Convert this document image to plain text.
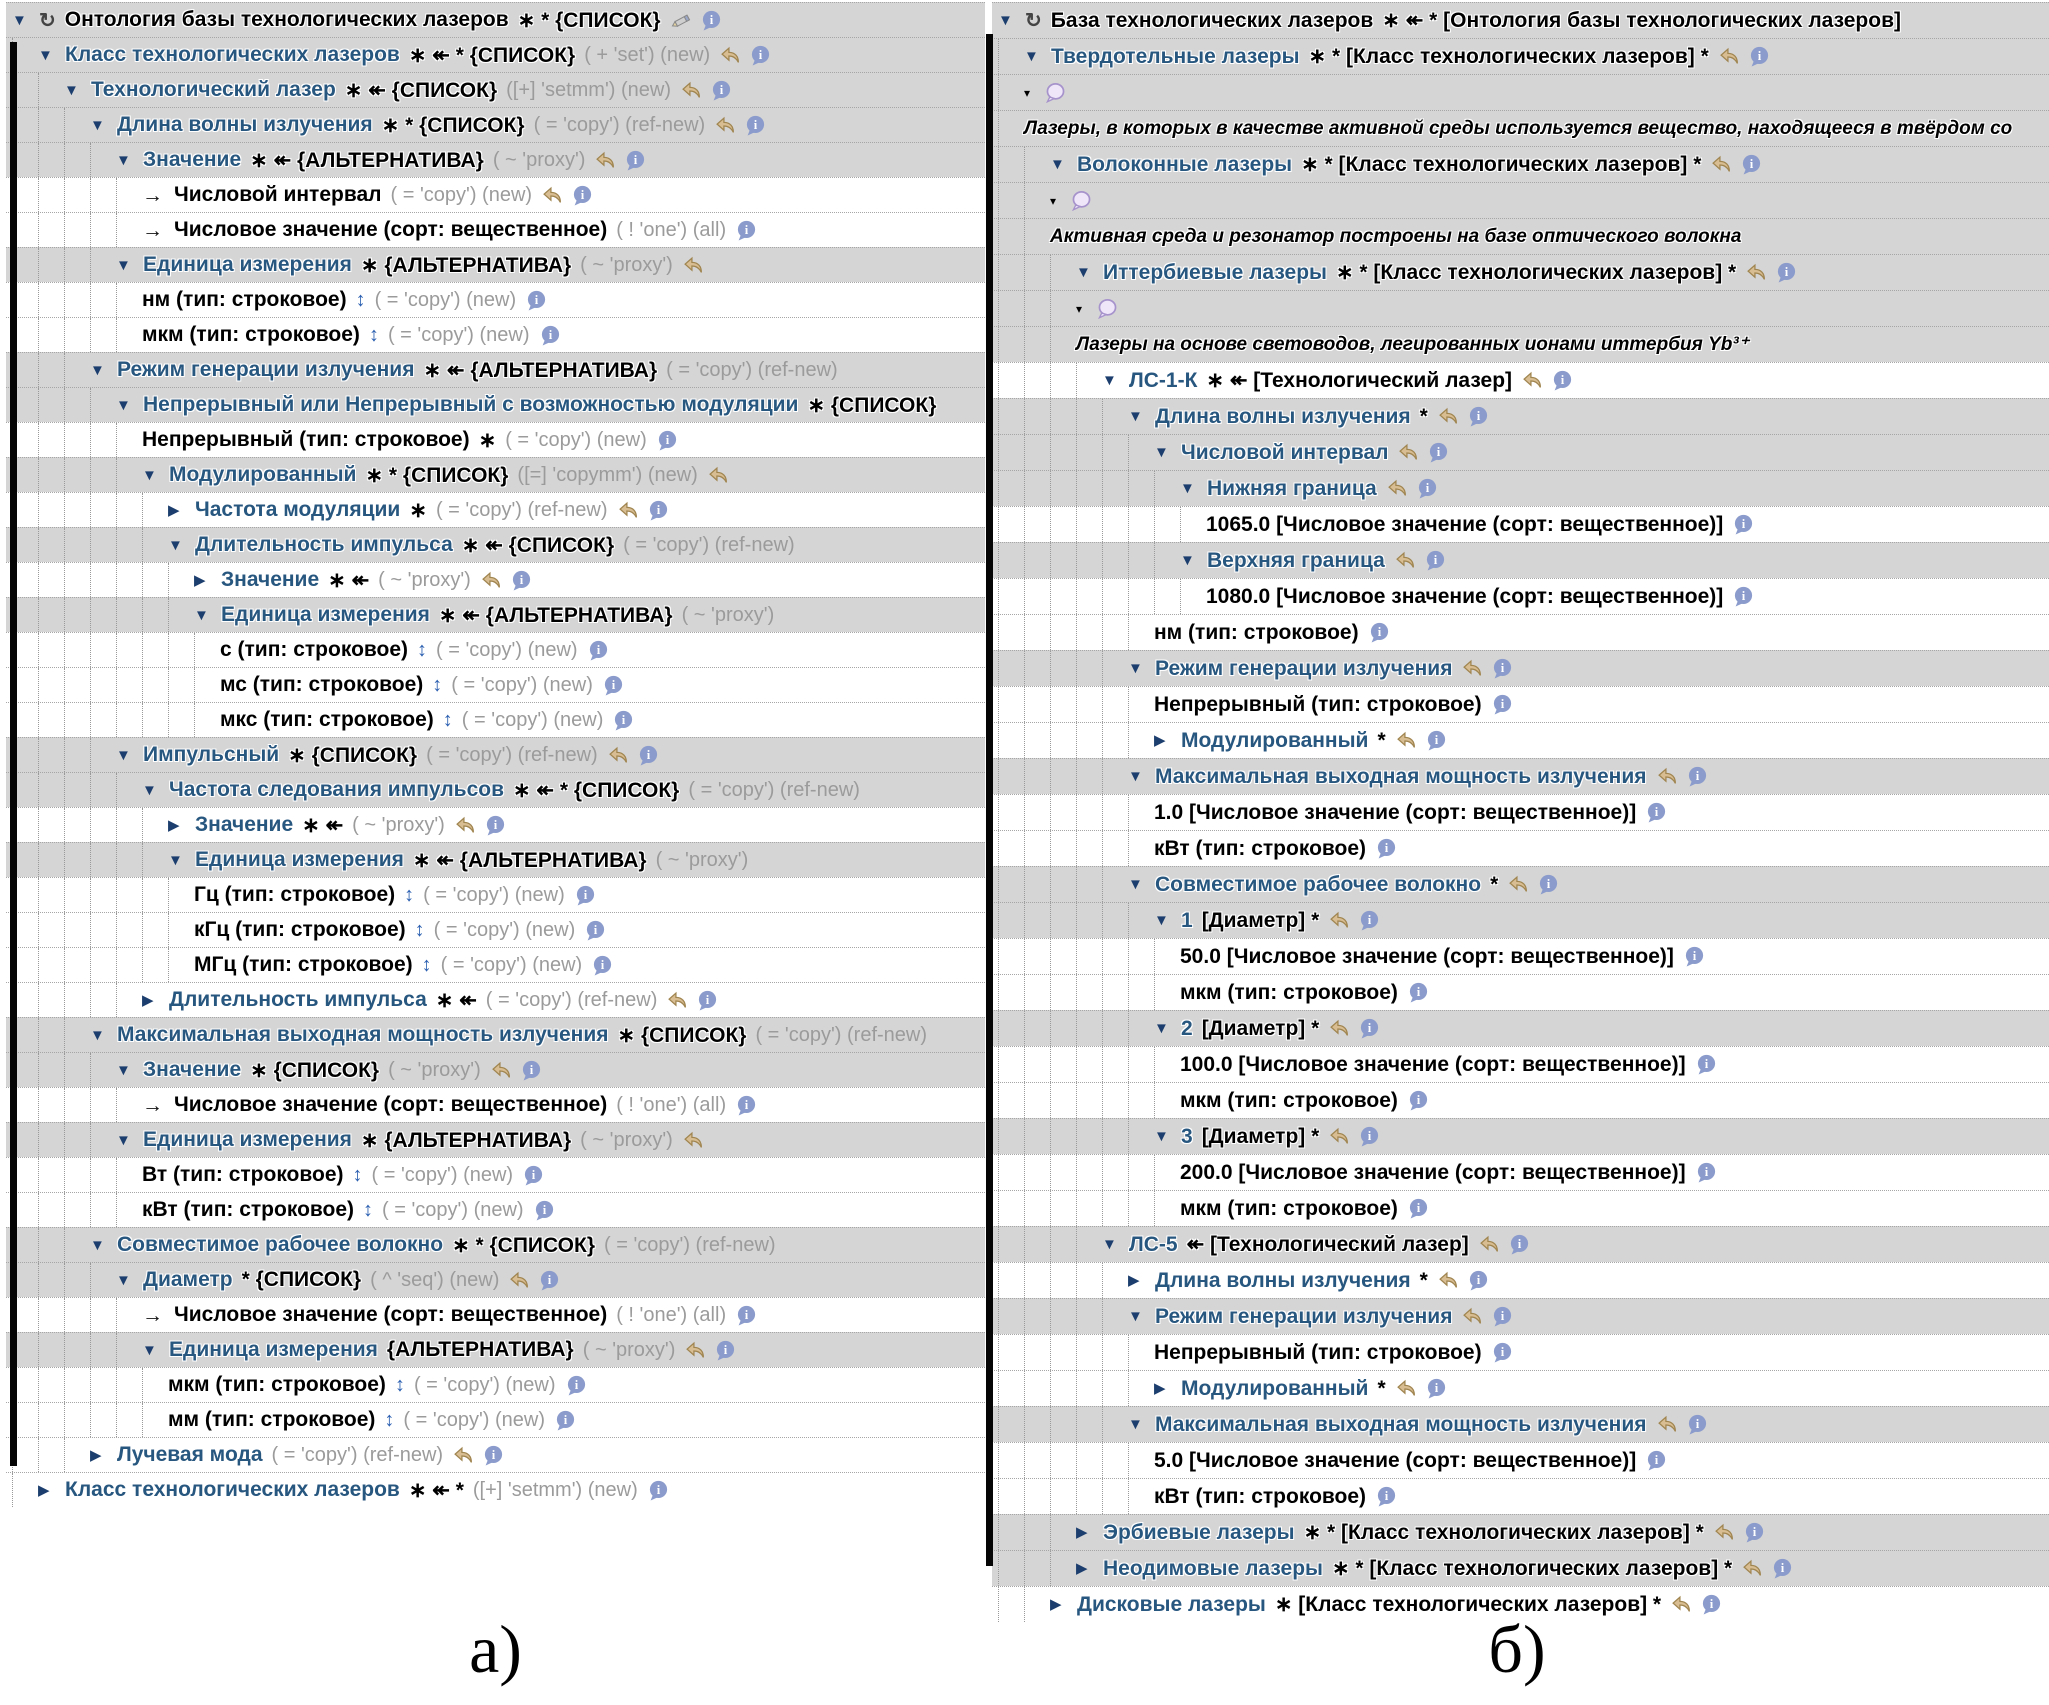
▼ ↻ Онтология базы технологических лазеров ∗ * {СПИСОК}	i
▼ Класс технологических лазеров ∗ ↞ * {СПИСОК} ( + 'set') (new)	i
▼ Технологический лазер ∗ ↞ {СПИСОК} ([+] 'setmm') (new)	i
▼ Длина волны излучения ∗ * {СПИСОК} ( = 'copy') (ref-new)	i
▼ Значение ∗ ↞ {АЛЬТЕРНАТИВА} ( ~ 'proxy')	i
→ Числовой интервал ( = 'copy') (new)	i
→ Числовое значение (сорт: вещественное) ( ! 'one') (all) i
▼ Единица измерения ∗ {АЛЬТЕРНАТИВА} ( ~ 'proxy')
нм (тип: строковое) ↕ ( = 'copy') (new) i
мкм (тип: строковое) ↕ ( = 'copy') (new) i
▼ Режим генерации излучения ∗ ↞ {АЛЬТЕРНАТИВА} ( = 'copy') (ref-new)
▼ Непрерывный или Непрерывный с возможностью модуляции ∗ {СПИСОК}
Непрерывный (тип: строковое) ∗ ( = 'copy') (new) i
▼ Модулированный ∗ * {СПИСОК} ([=] 'copymm') (new)
▶ Частота модуляции ∗ ( = 'copy') (ref-new)	i
▼ Длительность импульса ∗ ↞ {СПИСОК} ( = 'copy') (ref-new)
▶ Значение ∗ ↞ ( ~ 'proxy')	i
▼ Единица измерения ∗ ↞ {АЛЬТЕРНАТИВА} ( ~ 'proxy')
с (тип: строковое) ↕ ( = 'copy') (new) i
мс (тип: строковое) ↕ ( = 'copy') (new) i
мкс (тип: строковое) ↕ ( = 'copy') (new) i
▼ Импульсный ∗ {СПИСОК} ( = 'copy') (ref-new)	i
▼ Частота следования импульсов ∗ ↞ * {СПИСОК} ( = 'copy') (ref-new)
▶ Значение ∗ ↞ ( ~ 'proxy')	i
▼ Единица измерения ∗ ↞ {АЛЬТЕРНАТИВА} ( ~ 'proxy')
Гц (тип: строковое) ↕ ( = 'copy') (new) i
кГц (тип: строковое) ↕ ( = 'copy') (new) i
МГц (тип: строковое) ↕ ( = 'copy') (new) i
▶ Длительность импульса ∗ ↞ ( = 'copy') (ref-new)	i
▼ Максимальная выходная мощность излучения ∗ {СПИСОК} ( = 'copy') (ref-new)
▼ Значение ∗ {СПИСОК} ( ~ 'proxy')	i
→ Числовое значение (сорт: вещественное) ( ! 'one') (all) i
▼ Единица измерения ∗ {АЛЬТЕРНАТИВА} ( ~ 'proxy')
Вт (тип: строковое) ↕ ( = 'copy') (new) i
кВт (тип: строковое) ↕ ( = 'copy') (new) i
▼ Совместимое рабочее волокно ∗ * {СПИСОК} ( = 'copy') (ref-new)
▼ Диаметр * {СПИСОК} ( ^ 'seq') (new)	i
→ Числовое значение (сорт: вещественное) ( ! 'one') (all) i
▼ Единица измерения {АЛЬТЕРНАТИВА} ( ~ 'proxy')	i
мкм (тип: строковое) ↕ ( = 'copy') (new) i
мм (тип: строковое) ↕ ( = 'copy') (new) i
▶ Лучевая мода ( = 'copy') (ref-new)	i
▶ Класс технологических лазеров ∗ ↞ * ([+] 'setmm') (new) i
▼ ↻ База технологических лазеров ∗ ↞ * [Онтология базы технологических лазеров]
▼ Твердотельные лазеры ∗ * [Класс технологических лазеров] *	i
▾
Лазеры, в которых в качестве активной среды используется вещество, находящееся в твёрдом со
▼ Волоконные лазеры ∗ * [Класс технологических лазеров] *	i
▾
Активная среда и резонатор построены на базе оптического волокна
▼ Иттербиевые лазеры ∗ * [Класс технологических лазеров] *	i
▾
Лазеры на основе световодов, легированных ионами иттербия Yb³⁺
▼ ЛС-1-К ∗ ↞ [Технологический лазер]	i
▼ Длина волны излучения *	i
▼ Числовой интервал	i
▼ Нижняя граница	i
1065.0 [Числовое значение (сорт: вещественное)] i
▼ Верхняя граница	i
1080.0 [Числовое значение (сорт: вещественное)] i
нм (тип: строковое) i
▼ Режим генерации излучения	i
Непрерывный (тип: строковое) i
▶ Модулированный *	i
▼ Максимальная выходная мощность излучения	i
1.0 [Числовое значение (сорт: вещественное)] i
кВт (тип: строковое) i
▼ Совместимое рабочее волокно *	i
▼ 1 [Диаметр] *	i
50.0 [Числовое значение (сорт: вещественное)] i
мкм (тип: строковое) i
▼ 2 [Диаметр] *	i
100.0 [Числовое значение (сорт: вещественное)] i
мкм (тип: строковое) i
▼ 3 [Диаметр] *	i
200.0 [Числовое значение (сорт: вещественное)] i
мкм (тип: строковое) i
▼ ЛС-5 ↞ [Технологический лазер]	i
▶ Длина волны излучения *	i
▼ Режим генерации излучения	i
Непрерывный (тип: строковое) i
▶ Модулированный *	i
▼ Максимальная выходная мощность излучения	i
5.0 [Числовое значение (сорт: вещественное)] i
кВт (тип: строковое) i
▶ Эрбиевые лазеры ∗ * [Класс технологических лазеров] *	i
▶ Неодимовые лазеры ∗ * [Класс технологических лазеров] *	i
▶ Дисковые лазеры ∗ [Класс технологических лазеров] *	i
а)	б)
